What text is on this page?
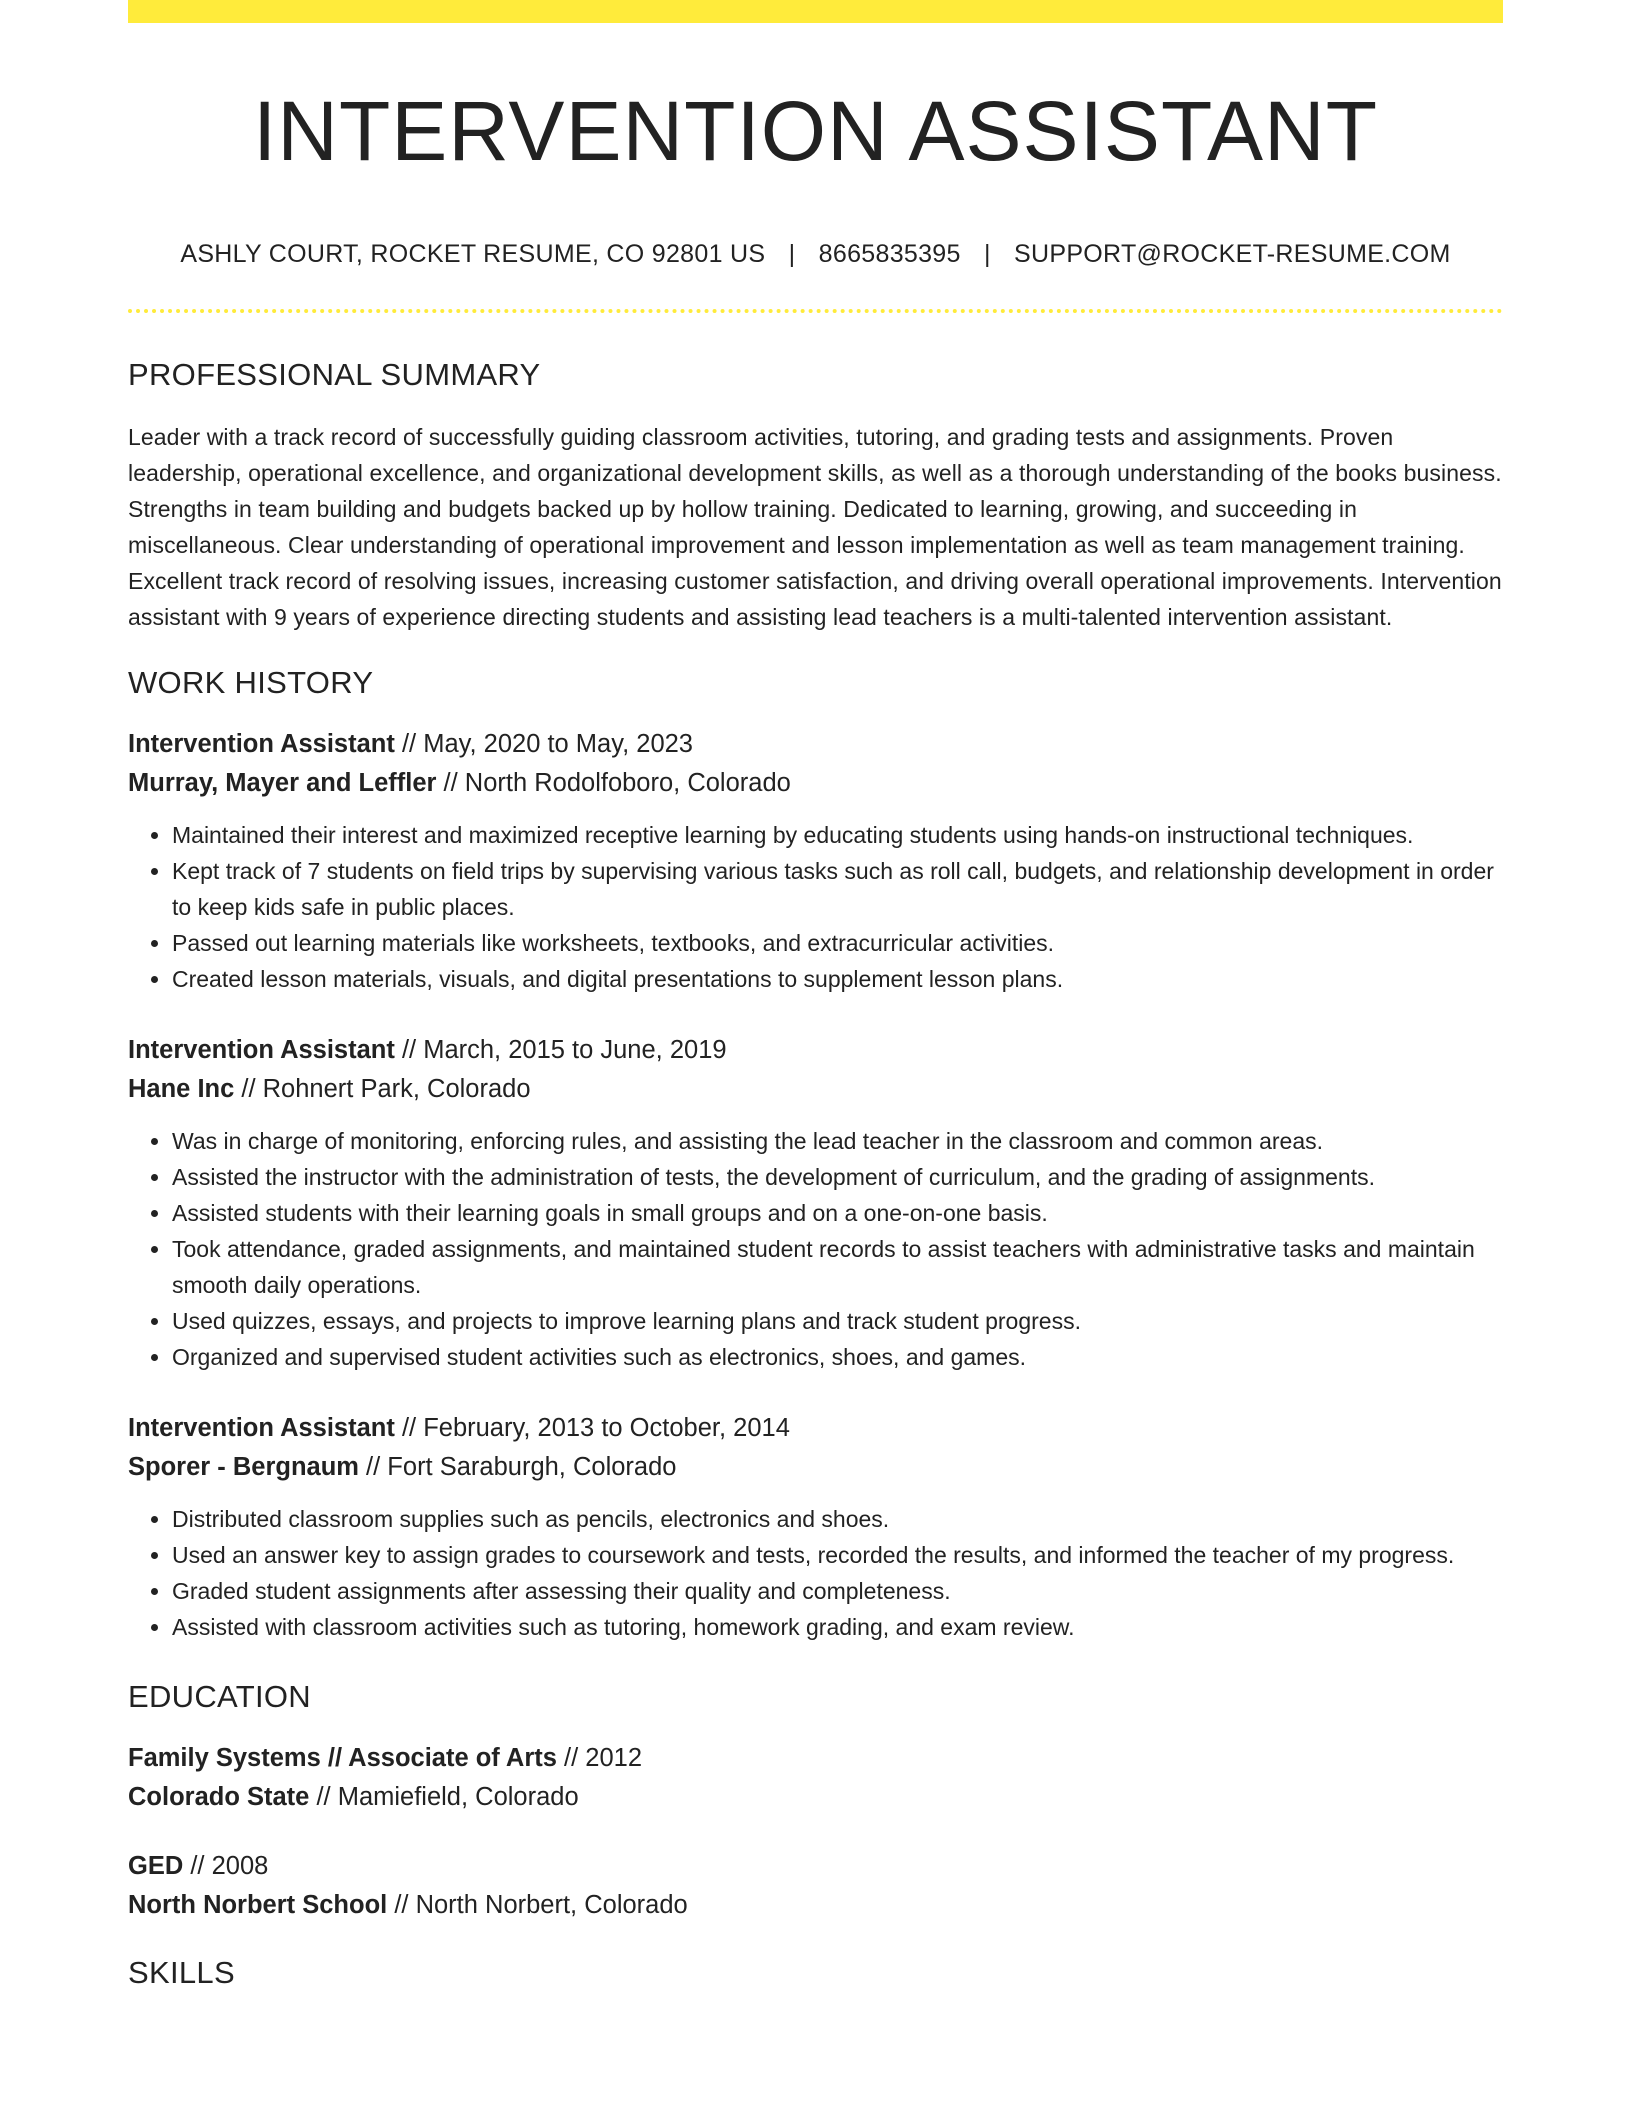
INTERVENTION ASSISTANT
ASHLY COURT, ROCKET RESUME, CO 92801 US | 8665835395 | SUPPORT@ROCKET-RESUME.COM
PROFESSIONAL SUMMARY
Leader with a track record of successfully guiding classroom activities, tutoring, and grading tests and assignments. Proven leadership, operational excellence, and organizational development skills, as well as a thorough understanding of the books business. Strengths in team building and budgets backed up by hollow training. Dedicated to learning, growing, and succeeding in miscellaneous. Clear understanding of operational improvement and lesson implementation as well as team management training. Excellent track record of resolving issues, increasing customer satisfaction, and driving overall operational improvements. Intervention assistant with 9 years of experience directing students and assisting lead teachers is a multi-talented intervention assistant.
WORK HISTORY
Intervention Assistant // May, 2020 to May, 2023
Murray, Mayer and Leffler // North Rodolfoboro, Colorado
• Maintained their interest and maximized receptive learning by educating students using hands-on instructional techniques.
• Kept track of 7 students on field trips by supervising various tasks such as roll call, budgets, and relationship development in order to keep kids safe in public places.
• Passed out learning materials like worksheets, textbooks, and extracurricular activities.
• Created lesson materials, visuals, and digital presentations to supplement lesson plans.
Intervention Assistant // March, 2015 to June, 2019
Hane Inc // Rohnert Park, Colorado
• Was in charge of monitoring, enforcing rules, and assisting the lead teacher in the classroom and common areas.
• Assisted the instructor with the administration of tests, the development of curriculum, and the grading of assignments.
• Assisted students with their learning goals in small groups and on a one-on-one basis.
• Took attendance, graded assignments, and maintained student records to assist teachers with administrative tasks and maintain smooth daily operations.
• Used quizzes, essays, and projects to improve learning plans and track student progress.
• Organized and supervised student activities such as electronics, shoes, and games.
Intervention Assistant // February, 2013 to October, 2014
Sporer - Bergnaum // Fort Saraburgh, Colorado
• Distributed classroom supplies such as pencils, electronics and shoes.
• Used an answer key to assign grades to coursework and tests, recorded the results, and informed the teacher of my progress.
• Graded student assignments after assessing their quality and completeness.
• Assisted with classroom activities such as tutoring, homework grading, and exam review.
EDUCATION
Family Systems // Associate of Arts // 2012
Colorado State // Mamiefield, Colorado
GED // 2008
North Norbert School // North Norbert, Colorado
SKILLS
